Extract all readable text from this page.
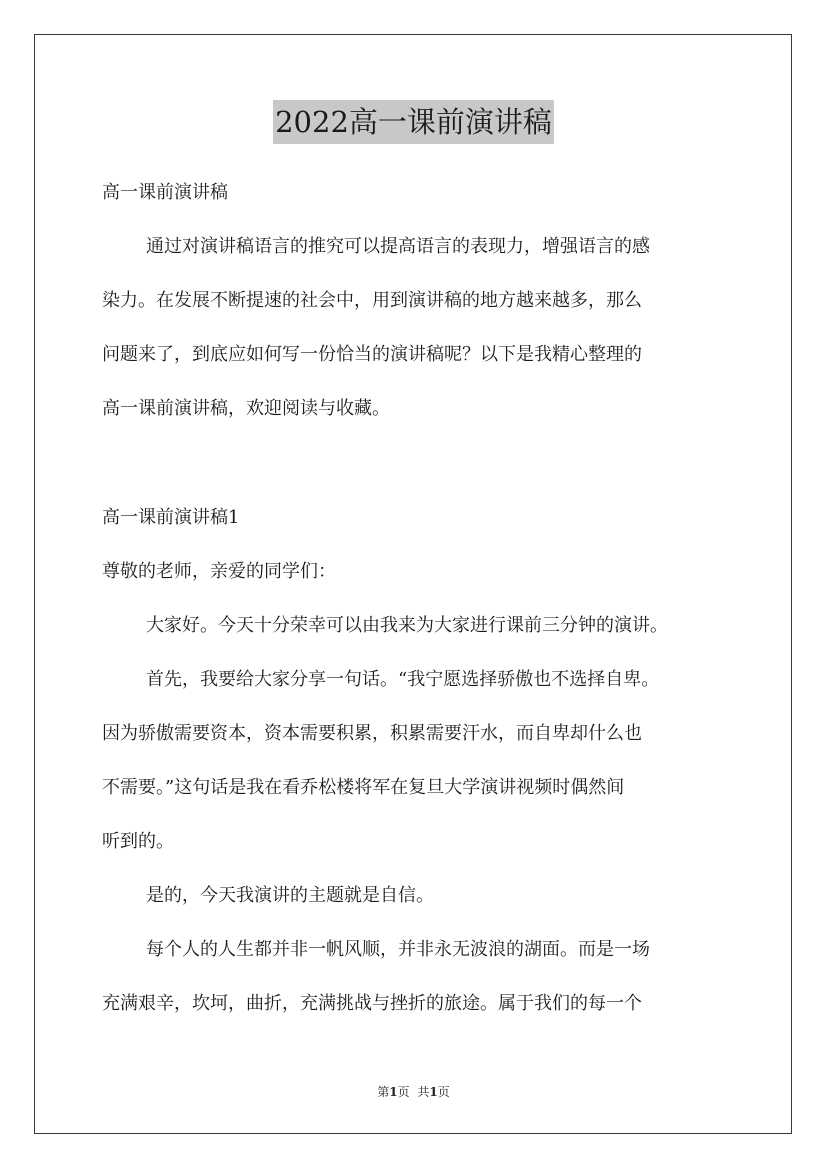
2022高一课前演讲稿
高一课前演讲稿
通过对演讲稿语言的推究可以提高语言的表现力，增强语言的感
染力。在发展不断提速的社会中，用到演讲稿的地方越来越多，那么
问题来了，到底应如何写一份恰当的演讲稿呢？以下是我精心整理的
高一课前演讲稿，欢迎阅读与收藏。
高一课前演讲稿1
尊敬的老师，亲爱的同学们：
大家好。今天十分荣幸可以由我来为大家进行课前三分钟的演讲。
首先，我要给大家分享一句话。“我宁愿选择骄傲也不选择自卑。
因为骄傲需要资本，资本需要积累，积累需要汗水，而自卑却什么也
不需要。”这句话是我在看乔松楼将军在复旦大学演讲视频时偶然间
听到的。
是的，今天我演讲的主题就是自信。
每个人的人生都并非一帆风顺，并非永无波浪的湖面。而是一场
充满艰辛，坎坷，曲折，充满挑战与挫折的旅途。属于我们的每一个
第1页 共1页
